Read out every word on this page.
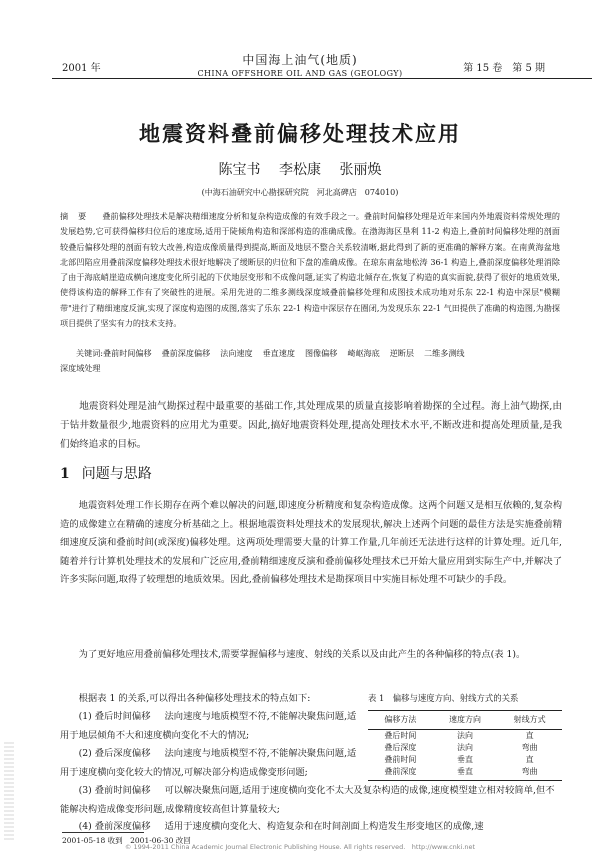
2001 年
中国海上油气(地质)
CHINA OFFSHORE OIL AND GAS (GEOLOGY)	第 15 卷　第 5 期
地震资料叠前偏移处理技术应用
陈宝书 李松康 张丽焕
(中海石油研究中心勘探研究院　河北高碑店　074010)
摘要 叠前偏移处理技术是解决精细速度分析和复杂构造成像的有效手段之一。叠前时间偏移处理是近年来国内外地震资料常规处理的发展趋势,它可获得偏移归位后的速度场,适用于陡倾角构造和深部构造的准确成像。在渤海海区垦利 11-2 构造上,叠前时间偏移处理的剖面较叠后偏移处理的剖面有较大改善,构造成像质量得到提高,断面及地层不整合关系较清晰,据此得到了新的更准确的解释方案。在南黄海盆地北部凹陷应用叠前深度偏移处理技术很好地解决了缓断层的归位和下盘的准确成像。在琼东南盆地松涛 36-1 构造上,叠前深度偏移处理消除了由于海底峭崖造成横向速度变化所引起的下伏地层变形和不成像问题,证实了构造北倾存在,恢复了构造的真实面貌,获得了很好的地质效果,使得该构造的解释工作有了突破性的进展。采用先进的二维多测线深度域叠前偏移处理和成图技术成功地对乐东 22-1 构造中深层"模糊带"进行了精细速度反演,实现了深度构造图的成图,落实了乐东 22-1 构造中深层存在圈闭,为发现乐东 22-1 气田提供了准确的构造图,为勘探项目提供了坚实有力的技术支持。
关键词:叠前时间偏移 叠前深度偏移 法向速度 垂直速度 图像偏移 崎岖海底 逆断层 二维多测线
深度域处理
地震资料处理是油气勘探过程中最重要的基础工作,其处理成果的质量直接影响着勘探的全过程。海上油气勘探,由于钻井数量很少,地震资料的应用尤为重要。因此,搞好地震资料处理,提高处理技术水平,不断改进和提高处理质量,是我们始终追求的目标。
1 问题与思路
地震资料处理工作长期存在两个难以解决的问题,即速度分析精度和复杂构造成像。这两个问题又是相互依赖的,复杂构造的成像建立在精确的速度分析基础之上。根据地震资料处理技术的发展现状,解决上述两个问题的最佳方法是实施叠前精细速度反演和叠前时间(或深度)偏移处理。这两项处理需要大量的计算工作量,几年前还无法进行这样的计算处理。近几年,随着并行计算机处理技术的发展和广泛应用,叠前精细速度反演和叠前偏移处理技术已开始大量应用到实际生产中,并解决了许多实际问题,取得了较理想的地质效果。因此,叠前偏移处理技术是勘探项目中实施目标处理不可缺少的手段。
为了更好地应用叠前偏移处理技术,需要掌握偏移与速度、射线的关系以及由此产生的各种偏移的特点(表 1)。
根据表 1 的关系,可以得出各种偏移处理技术的特点如下:
(1) 叠后时间偏移 法向速度与地质模型不符,不能解决聚焦问题,适用于地层倾角不大和速度横向变化不大的情况;
(2) 叠后深度偏移 法向速度与地质模型不符,不能解决聚焦问题,适用于速度横向变化较大的情况,可解决部分构造成像变形问题;
(3) 叠前时间偏移 可以解决聚焦问题,适用于速度横向变化不太大及复杂构造的成像,速度模型建立相对较简单,但不能解决构造成像变形问题,成像精度较高但计算量较大;
(4) 叠前深度偏移 适用于速度横向变化大、构造复杂和在时间剖面上构造发生形变地区的成像,速
表 1　偏移与速度方向、射线方式的关系
偏移方法	速度方向	射线方式
叠后时间	法向	直
叠后深度	法向	弯曲
叠前时间	垂直	直
叠前深度	垂直	弯曲
2001-05-18 收到　2001-06-30 改回
© 1994-2011 China Academic Journal Electronic Publishing House. All rights reserved.　http://www.cnki.net
